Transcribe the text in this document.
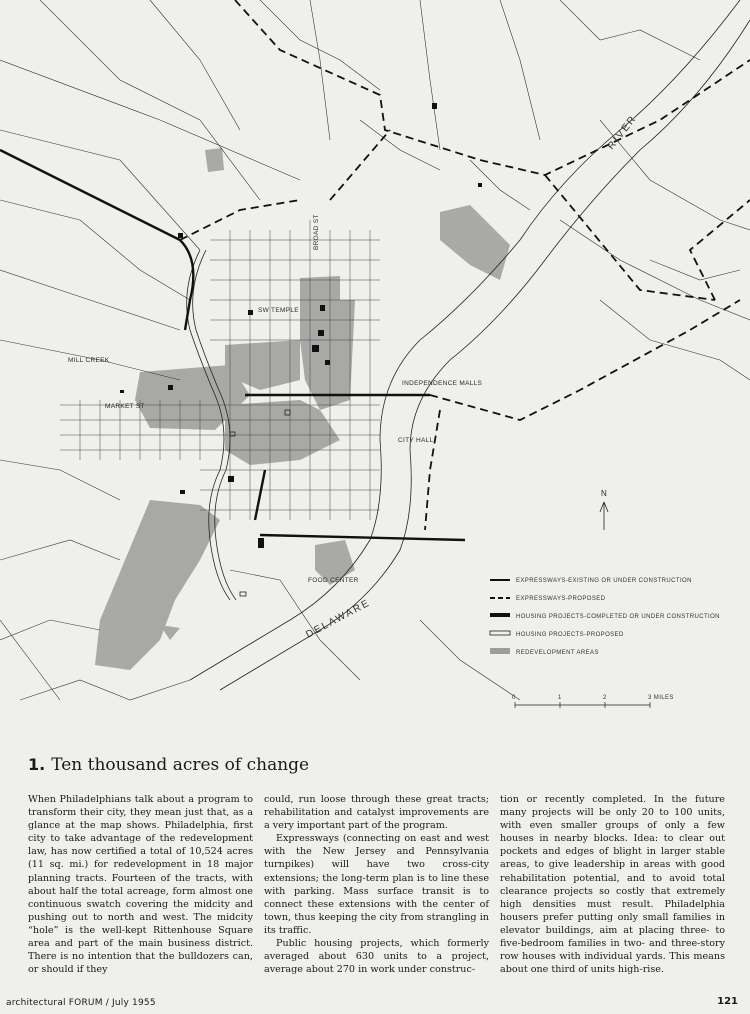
BROAD ST
SW TEMPLE
MILL CREEK
MARKET ST
INDEPENDENCE MALLS
CITY HALL
FOOD CENTER
RIVER
DELAWARE
N
EXPRESSWAYS-EXISTING OR UNDER CONSTRUCTION
EXPRESSWAYS-PROPOSED
HOUSING PROJECTS-COMPLETED OR UNDER CONSTRUCTION
HOUSING PROJECTS-PROPOSED
REDEVELOPMENT AREAS
0	1	2	3 MILES
1. Ten thousand acres of change

When Philadelphians talk about a program to transform their city, they mean just that, as a glance at the map shows. Philadelphia, first city to take advantage of the redevelopment law, has now certified a total of 10,524 acres (11 sq. mi.) for redevelopment in 18 major planning tracts. Fourteen of the tracts, with about half the total acreage, form almost one continuous swatch covering the midcity and pushing out to north and west. The midcity “hole” is the well-kept Rittenhouse Square area and part of the main business district. There is no intention that the bulldozers can, or should if they

could, run loose through these great tracts; rehabilitation and catalyst improvements are a very important part of the program.

Expressways (connecting on east and west with the New Jersey and Pennsylvania turnpikes) will have two cross-city extensions; the long-term plan is to line these with parking. Mass surface transit is to connect these extensions with the center of town, thus keeping the city from strangling in its traffic.

Public housing projects, which formerly averaged about 630 units to a project, average about 270 in work under construc-

tion or recently completed. In the future many projects will be only 20 to 100 units, with even smaller groups of only a few houses in nearby blocks. Idea: to clear out pockets and edges of blight in larger stable areas, to give leadership in areas with good rehabilitation potential, and to avoid total clearance projects so costly that extremely high densities must result. Philadelphia housers prefer putting only small families in elevator buildings, aim at placing three- to five-bedroom families in two- and three-story row houses with individual yards. This means about one third of units high-rise.

architectural FORUM / July 1955	121
